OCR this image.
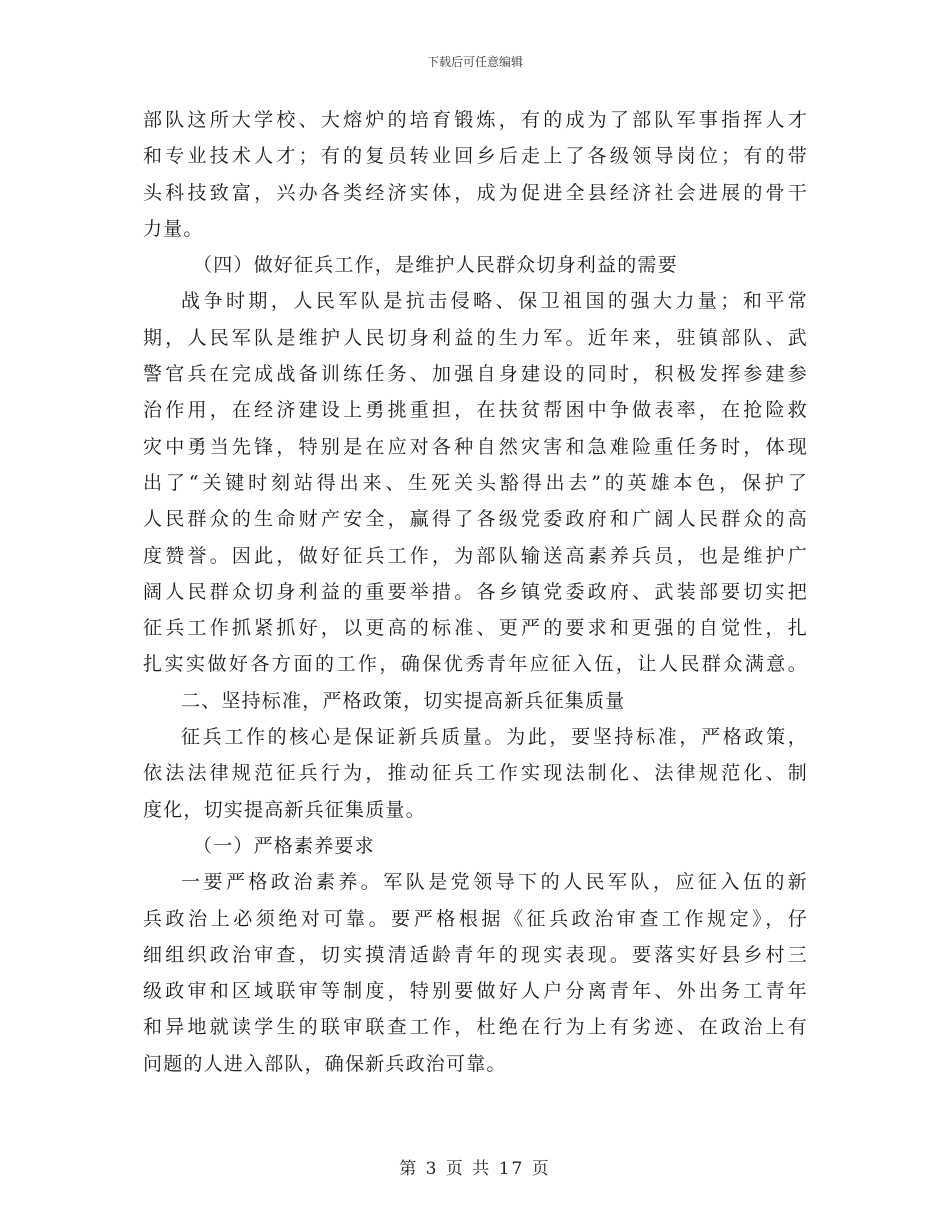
下载后可任意编辑
部队这所大学校、大熔炉的培育锻炼，有的成为了部队军事指挥人才
和专业技术人才；有的复员转业回乡后走上了各级领导岗位；有的带
头科技致富，兴办各类经济实体，成为促进全县经济社会进展的骨干
力量。
（四）做好征兵工作，是维护人民群众切身利益的需要
战争时期，人民军队是抗击侵略、保卫祖国的强大力量；和平常
期，人民军队是维护人民切身利益的生力军。近年来，驻镇部队、武
警官兵在完成战备训练任务、加强自身建设的同时，积极发挥参建参
治作用，在经济建设上勇挑重担，在扶贫帮困中争做表率，在抢险救
灾中勇当先锋，特别是在应对各种自然灾害和急难险重任务时，体现
出了“关键时刻站得出来、生死关头豁得出去”的英雄本色，保护了
人民群众的生命财产安全，赢得了各级党委政府和广阔人民群众的高
度赞誉。因此，做好征兵工作，为部队输送高素养兵员，也是维护广
阔人民群众切身利益的重要举措。各乡镇党委政府、武装部要切实把
征兵工作抓紧抓好，以更高的标准、更严的要求和更强的自觉性，扎
扎实实做好各方面的工作，确保优秀青年应征入伍，让人民群众满意。
二、坚持标准，严格政策，切实提高新兵征集质量
征兵工作的核心是保证新兵质量。为此，要坚持标准，严格政策，
依法法律规范征兵行为，推动征兵工作实现法制化、法律规范化、制
度化，切实提高新兵征集质量。
（一）严格素养要求
一要严格政治素养。军队是党领导下的人民军队，应征入伍的新
兵政治上必须绝对可靠。要严格根据《征兵政治审查工作规定》，仔
细组织政治审查，切实摸清适龄青年的现实表现。要落实好县乡村三
级政审和区域联审等制度，特别要做好人户分离青年、外出务工青年
和异地就读学生的联审联查工作，杜绝在行为上有劣迹、在政治上有
问题的人进入部队，确保新兵政治可靠。
第 3 页 共 17 页
